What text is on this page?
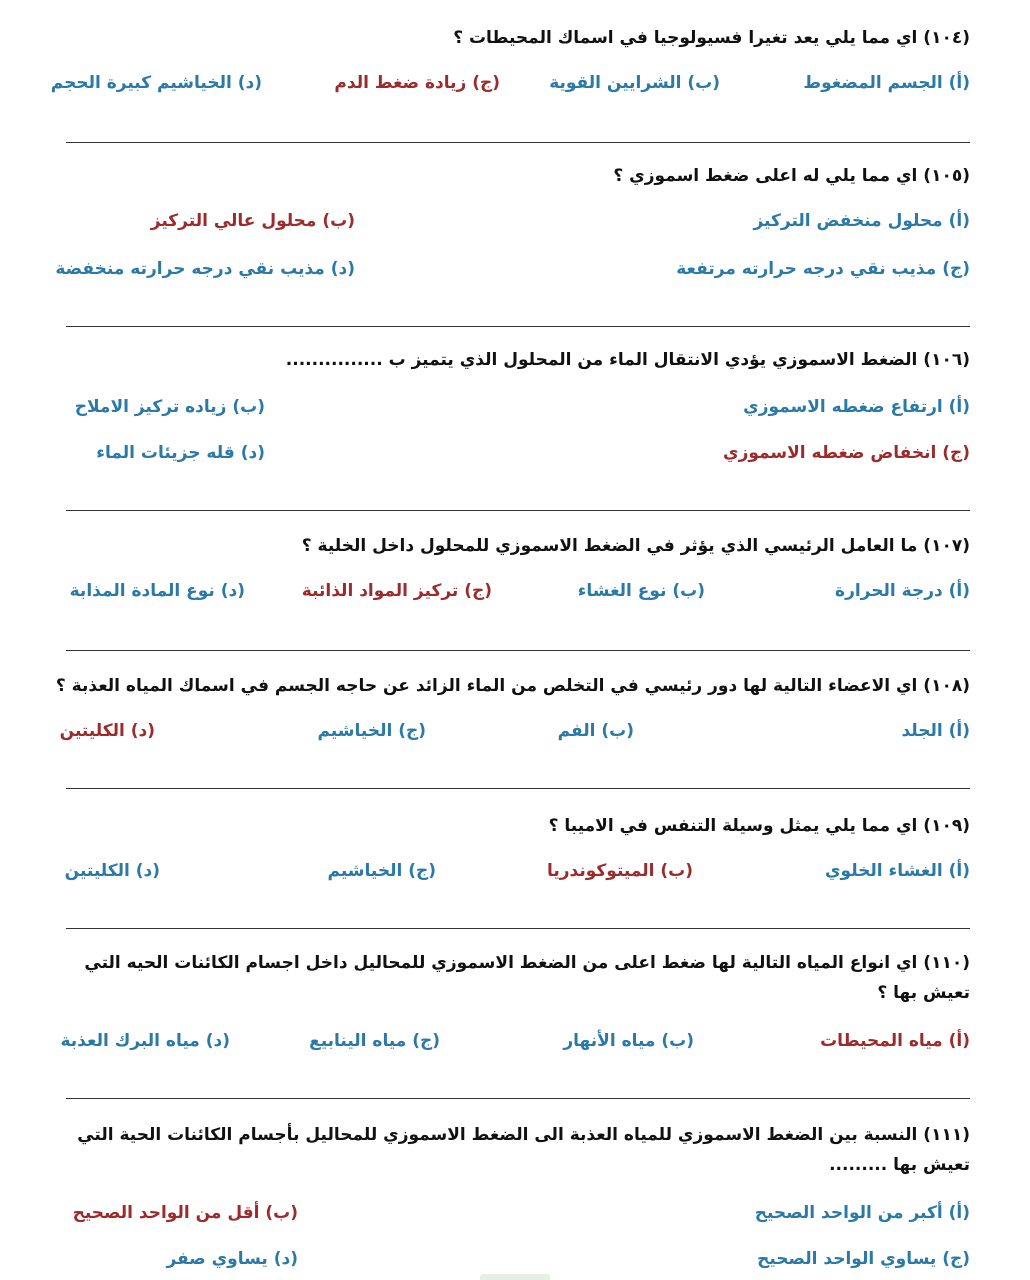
(١٠٤) اي مما يلي يعد تغيرا فسيولوجيا في اسماك المحيطات ؟
(أ) الجسم المضغوط
(ب) الشرايين القوية
(ج) زيادة ضغط الدم
(د) الخياشيم كبيرة الحجم
(١٠٥) اي مما يلي له اعلى ضغط اسموزي ؟
(أ) محلول منخفض التركيز
(ب) محلول عالي التركيز
(ج) مذيب نقي درجه حرارته مرتفعة
(د) مذيب نقي درجه حرارته منخفضة
(١٠٦) الضغط الاسموزي يؤدي الانتقال الماء من المحلول الذي يتميز ب ...............
(أ) ارتفاع ضغطه الاسموزي
(ب) زياده تركيز الاملاح
(ج) انخفاض ضغطه الاسموزي
(د) قله جزيئات الماء
(١٠٧) ما العامل الرئيسي الذي يؤثر في الضغط الاسموزي للمحلول داخل الخلية ؟
(أ) درجة الحرارة
(ب) نوع الغشاء
(ج) تركيز المواد الذائبة
(د) نوع المادة المذابة
(١٠٨) اي الاعضاء التالية لها دور رئيسي في التخلص من الماء الزائد عن حاجه الجسم في اسماك المياه العذبة ؟
(أ) الجلد
(ب) الفم
(ج) الخياشيم
(د) الكليتين
(١٠٩) اي مما يلي يمثل وسيلة التنفس في الاميبا ؟
(أ) الغشاء الخلوي
(ب) الميتوكوندريا
(ج) الخياشيم
(د) الكليتين
(١١٠) اي انواع المياه التالية لها ضغط اعلى من الضغط الاسموزي للمحاليل داخل اجسام الكائنات الحيه التي تعيش بها ؟
(أ) مياه المحيطات
(ب) مياه الأنهار
(ج) مياه الينابيع
(د) مياه البرك العذبة
(١١١) النسبة بين الضغط الاسموزي للمياه العذبة الى الضغط الاسموزي للمحاليل بأجسام الكائنات الحية التي تعيش بها .........
(أ) أكبر من الواحد الصحيح
(ب) أقل من الواحد الصحيح
(ج) يساوي الواحد الصحيح
(د) يساوي صفر
